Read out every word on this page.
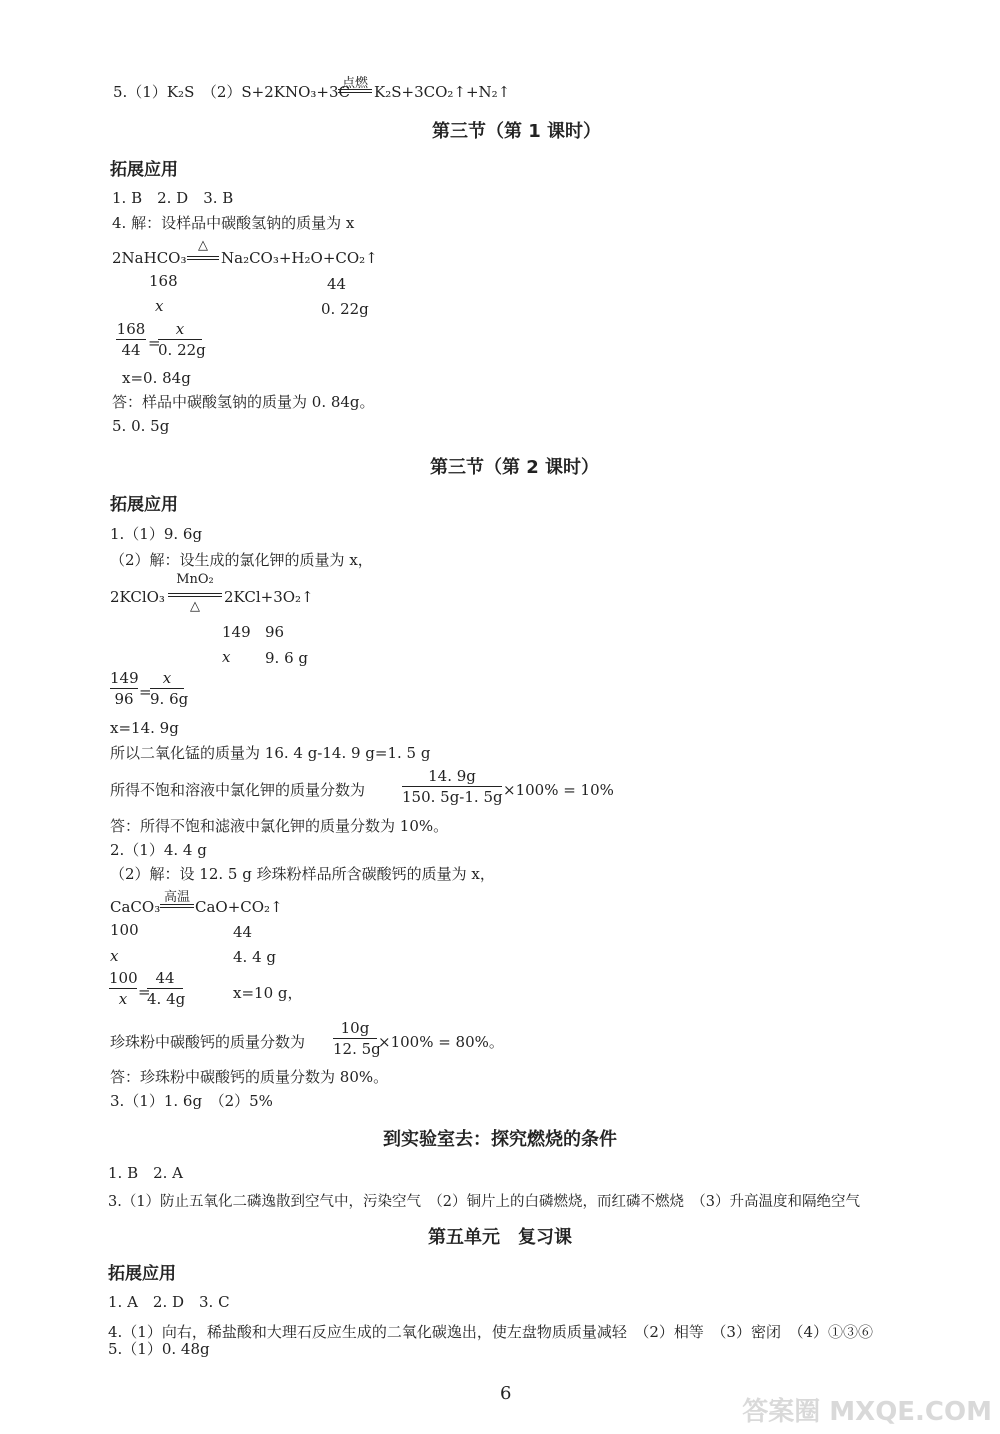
5.（1）K₂S　（2）S+2KNO₃+3C
点燃 K₂S+3CO₂↑+N₂↑
第三节（第 1 课时）
拓展应用
1. B　2. D　3. B
4. 解：设样品中碳酸氢钠的质量为 x
2NaHCO₃
△
Na₂CO₃+H₂O+CO₂↑
168	44
x	0. 22g
168
44 =
x
0. 22g
x=0. 84g
答：样品中碳酸氢钠的质量为 0. 84g。
5. 0. 5g
第三节（第 2 课时）
拓展应用
1.（1）9. 6g
（2）解：设生成的氯化钾的质量为 x，
2KClO₃
MnO₂
△
2KCl+3O₂↑
149 96
x 9. 6 g
149
96 =
x
9. 6g
x=14. 9g
所以二氧化锰的质量为 16. 4 g-14. 9 g=1. 5 g
所得不饱和溶液中氯化钾的质量分数为
14. 9g
150. 5g-1. 5g ×100% = 10%
答：所得不饱和滤液中氯化钾的质量分数为 10%。
2.（1）4. 4 g
（2）解：设 12. 5 g 珍珠粉样品所含碳酸钙的质量为 x，
CaCO₃
高温
CaO+CO₂↑
100	44
x	4. 4 g
100
x =
44
4. 4g	x=10 g，
珍珠粉中碳酸钙的质量分数为
10g
12. 5g
×100% = 80%。
答：珍珠粉中碳酸钙的质量分数为 80%。
3.（1）1. 6g　（2）5%
到实验室去：探究燃烧的条件
1. B　2. A
3.（1）防止五氧化二磷逸散到空气中，污染空气　（2）铜片上的白磷燃烧，而红磷不燃烧　（3）升高温度和隔绝空气
第五单元　复习课
拓展应用
1. A　2. D　3. C
4.（1）向右，稀盐酸和大理石反应生成的二氧化碳逸出，使左盘物质质量减轻　（2）相等　（3）密闭　（4）①③⑥
5.（1）0. 48g
6
答案圈 MXQE.COM
